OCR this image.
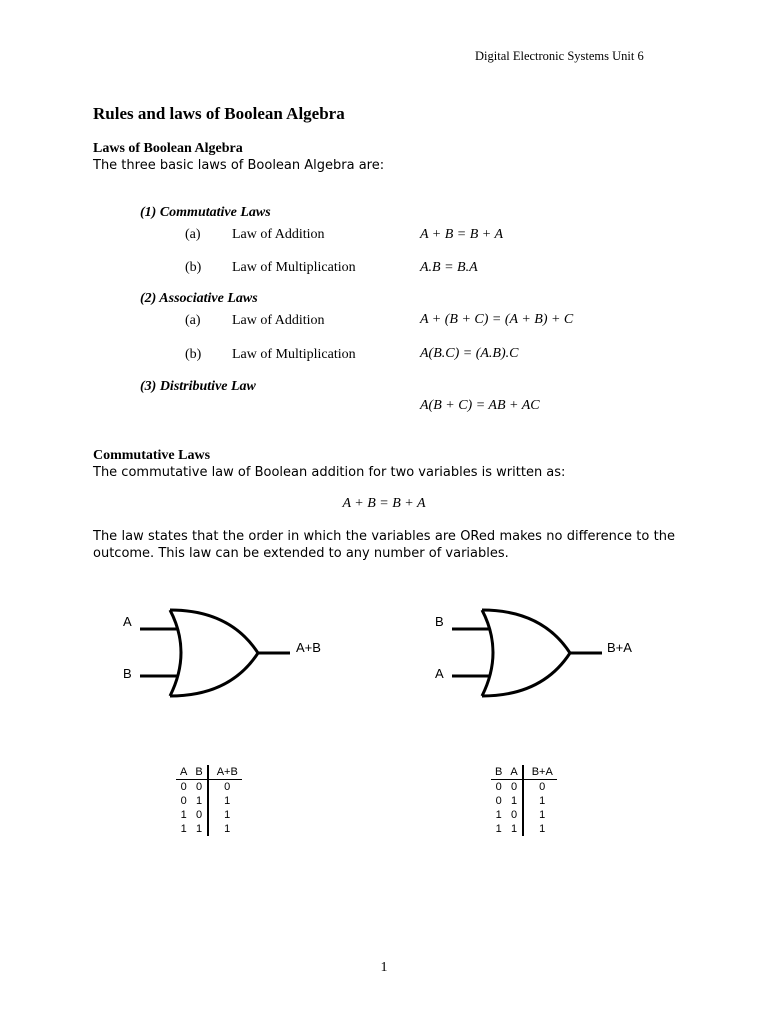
Digital Electronic Systems Unit 6
Rules and laws of Boolean Algebra
Laws of Boolean Algebra
The three basic laws of Boolean Algebra are:
(1) Commutative Laws
(a) Law of Addition	A + B = B + A
(b) Law of Multiplication	A.B = B.A
(2) Associative Laws
(a) Law of Addition	A + (B + C) = (A + B) + C
(b) Law of Multiplication	A(B.C) = (A.B).C
(3) Distributive Law
A(B + C) = AB + AC
Commutative Laws
The commutative law of Boolean addition for two variables is written as:
A + B = B + A
The law states that the order in which the variables are ORed makes no difference to the outcome. This law can be extended to any number of variables.
A
B
A+B
B
A
B+A
A	B	A+B
0	0	0
0	1	1
1	0	1
1	1	1
B	A	B+A
0	0	0
0	1	1
1	0	1
1	1	1
1
